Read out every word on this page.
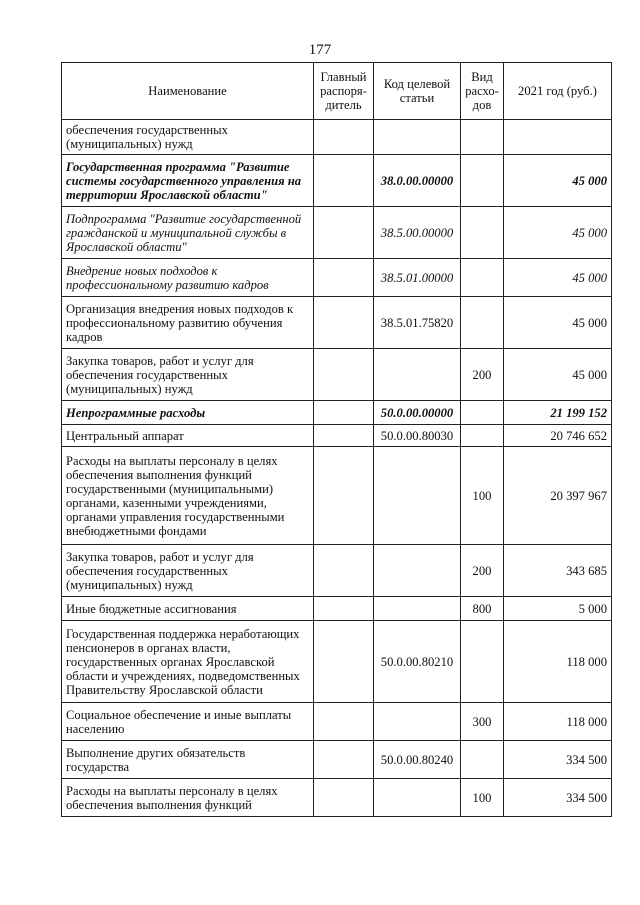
177
Наименование	Главный распоря-дитель	Код целевой статьи	Вид расхо-дов	2021 год (руб.)
обеспечения государственных (муниципальных) нужд				
Государственная программа "Развитие системы государственного управления на территории Ярославской области"		38.0.00.00000		45 000
Подпрограмма "Развитие государственной гражданской и муниципальной службы в Ярославской области"		38.5.00.00000		45 000
Внедрение новых подходов к профессиональному развитию кадров		38.5.01.00000		45 000
Организация внедрения новых подходов к профессиональному развитию обучения кадров		38.5.01.75820		45 000
Закупка товаров, работ и услуг для обеспечения государственных (муниципальных) нужд			200	45 000
Непрограммные расходы		50.0.00.00000		21 199 152
Центральный аппарат		50.0.00.80030		20 746 652
Расходы на выплаты персоналу в целях обеспечения выполнения функций государственными (муниципальными) органами, казенными учреждениями, органами управления государственными внебюджетными фондами			100	20 397 967
Закупка товаров, работ и услуг для обеспечения государственных (муниципальных) нужд			200	343 685
Иные бюджетные ассигнования			800	5 000
Государственная поддержка неработающих пенсионеров в органах власти, государственных органах Ярославской области и учреждениях, подведомственных Правительству Ярославской области		50.0.00.80210		118 000
Социальное обеспечение и иные выплаты населению			300	118 000
Выполнение других обязательств государства		50.0.00.80240		334 500
Расходы на выплаты персоналу в целях обеспечения выполнения функций			100	334 500
